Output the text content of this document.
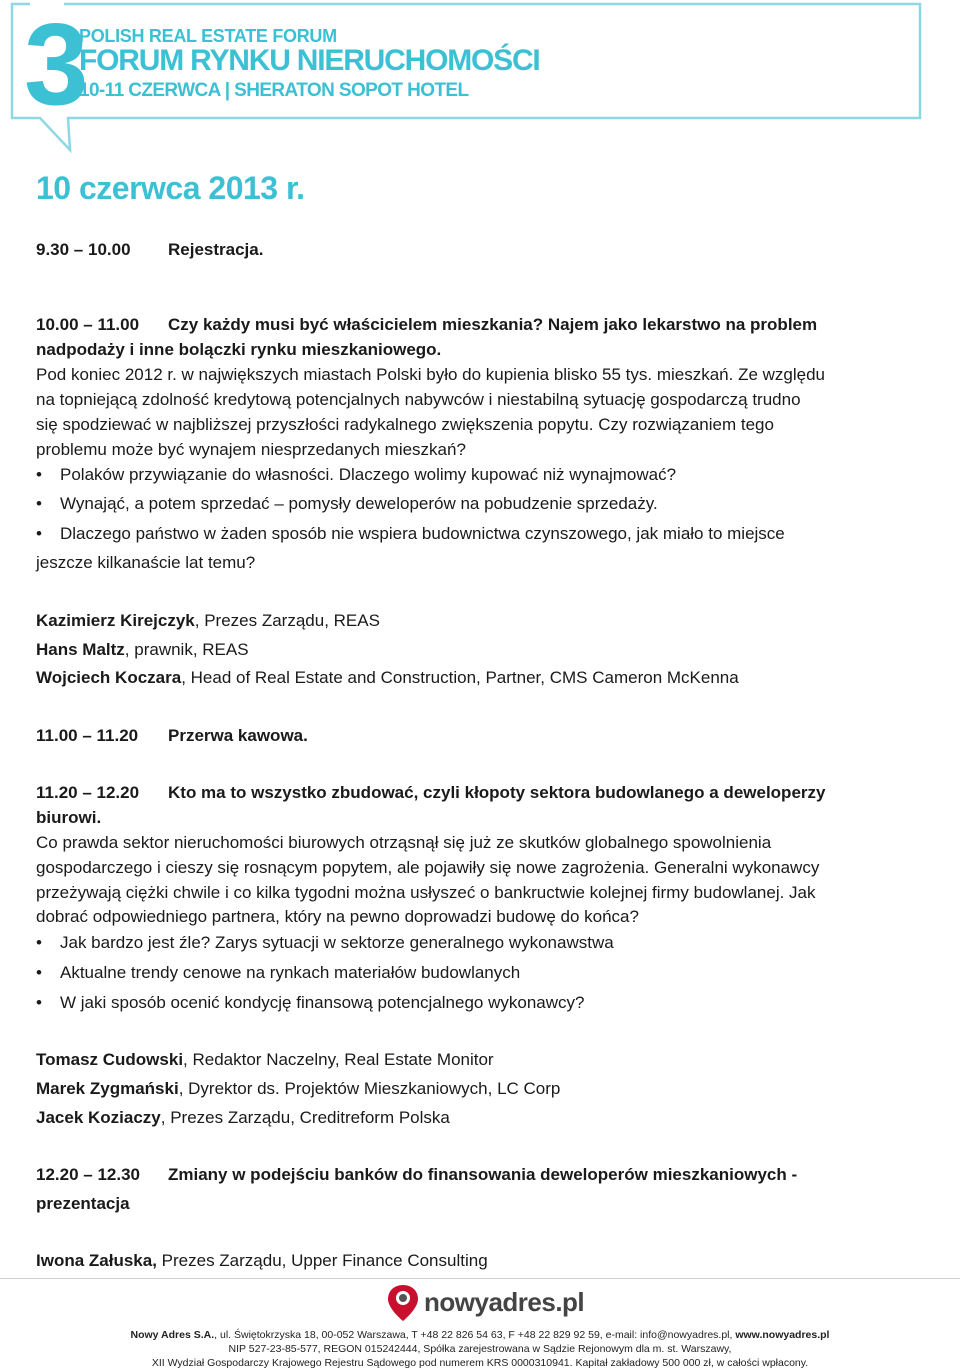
3
POLISH REAL ESTATE FORUM
FORUM RYNKU NIERUCHOMOŚCI
10-11 CZERWCA | SHERATON SOPOT HOTEL
10 czerwca 2013 r.
9.30 – 10.00 Rejestracja.
10.00 – 11.00 Czy każdy musi być właścicielem mieszkania? Najem jako lekarstwo na problem
nadpodaży i inne bolączki rynku mieszkaniowego.
Pod koniec 2012 r. w największych miastach Polski było do kupienia blisko 55 tys. mieszkań. Ze względu
na topniejącą zdolność kredytową potencjalnych nabywców i niestabilną sytuację gospodarczą trudno
się spodziewać w najbliższej przyszłości radykalnego zwiększenia popytu. Czy rozwiązaniem tego
problemu może być wynajem niesprzedanych mieszkań?
•	Polaków przywiązanie do własności. Dlaczego wolimy kupować niż wynajmować?
•	Wynająć, a potem sprzedać – pomysły deweloperów na pobudzenie sprzedaży.
•	Dlaczego państwo w żaden sposób nie wspiera budownictwa czynszowego, jak miało to miejsce
jeszcze kilkanaście lat temu?
Kazimierz Kirejczyk, Prezes Zarządu, REAS
Hans Maltz, prawnik, REAS
Wojciech Koczara, Head of Real Estate and Construction, Partner, CMS Cameron McKenna
11.00 – 11.20 Przerwa kawowa.
11.20 – 12.20 Kto ma to wszystko zbudować, czyli kłopoty sektora budowlanego a deweloperzy
biurowi.
Co prawda sektor nieruchomości biurowych otrząsnął się już ze skutków globalnego spowolnienia
gospodarczego i cieszy się rosnącym popytem, ale pojawiły się nowe zagrożenia. Generalni wykonawcy
przeżywają ciężki chwile i co kilka tygodni można usłyszeć o bankructwie kolejnej firmy budowlanej. Jak
dobrać odpowiedniego partnera, który na pewno doprowadzi budowę do końca?
•	Jak bardzo jest źle? Zarys sytuacji w sektorze generalnego wykonawstwa
•	Aktualne trendy cenowe na rynkach materiałów budowlanych
•	W jaki sposób ocenić kondycję finansową potencjalnego wykonawcy?
Tomasz Cudowski, Redaktor Naczelny, Real Estate Monitor
Marek Zygmański, Dyrektor ds. Projektów Mieszkaniowych, LC Corp
Jacek Koziaczy, Prezes Zarządu, Creditreform Polska
12.20 – 12.30 Zmiany w podejściu banków do finansowania deweloperów mieszkaniowych -
prezentacja
Iwona Załuska, Prezes Zarządu, Upper Finance Consulting
nowyadres.pl
Nowy Adres S.A., ul. Świętokrzyska 18, 00-052 Warszawa, T +48 22 826 54 63, F +48 22 829 92 59, e-mail: info@nowyadres.pl, www.nowyadres.pl
NIP 527-23-85-577, REGON 015242444, Spółka zarejestrowana w Sądzie Rejonowym dla m. st. Warszawy,
XII Wydział Gospodarczy Krajowego Rejestru Sądowego pod numerem KRS 0000310941. Kapitał zakładowy 500 000 zł, w całości wpłacony.
